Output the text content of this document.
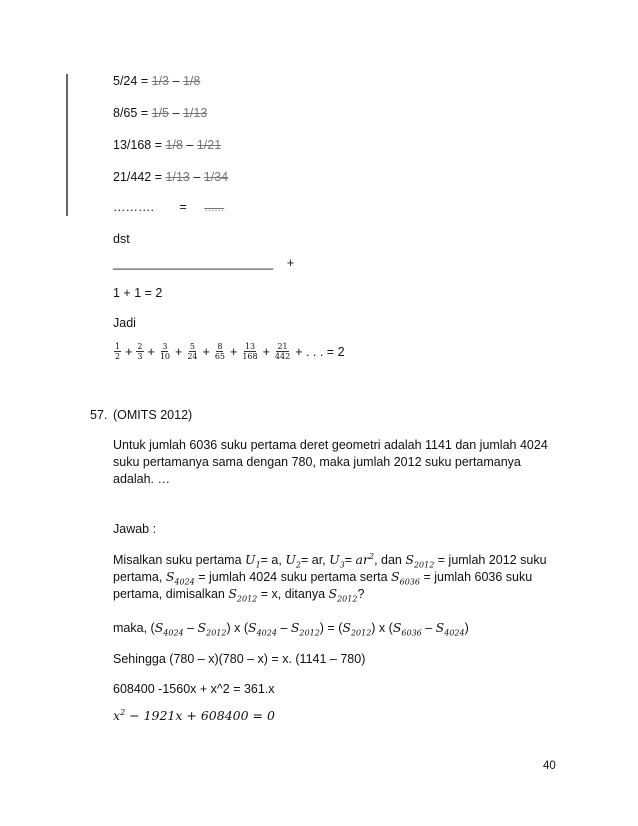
5/24 = 1/3 – 1/8
8/65 = 1/5 – 1/13
13/168 = 1/8 – 1/21
21/442 = 1/13 – 1/34
………. = ……
dst
_______________________ +
1 + 1 = 2
Jadi
$\frac{1}{2} + \frac{2}{3} + \frac{3}{10} + \frac{5}{24} + \frac{8}{65} + \frac{13}{168} + \frac{21}{442}$ + . . . = 2
57. (OMITS 2012)
Untuk jumlah 6036 suku pertama deret geometri adalah 1141 dan jumlah 4024
suku pertamanya sama dengan 780, maka jumlah 2012 suku pertamanya
adalah. …
Jawab :
Misalkan suku pertama $U_1= a$, $U_2=$ ar, $U_3= ar^2$, dan $S_{2012}$ = jumlah 2012 suku
pertama, $S_{4024}$ = jumlah 4024 suku pertama serta $S_{6036}$ = jumlah 6036 suku
pertama, dimisalkan $S_{2012} = x$, ditanya $S_{2012}$?
maka, $(S_{4024} - S_{2012})$ x $(S_{4024} - S_{2012}) = (S_{2012})$ x $(S_{6036} - S_{4024})$
Sehingga (780 – x)(780 – x) = x. (1141 – 780)
608400 -1560x + x^2 = 361.x
$x^2 - 1921x + 608400 = 0$
40
